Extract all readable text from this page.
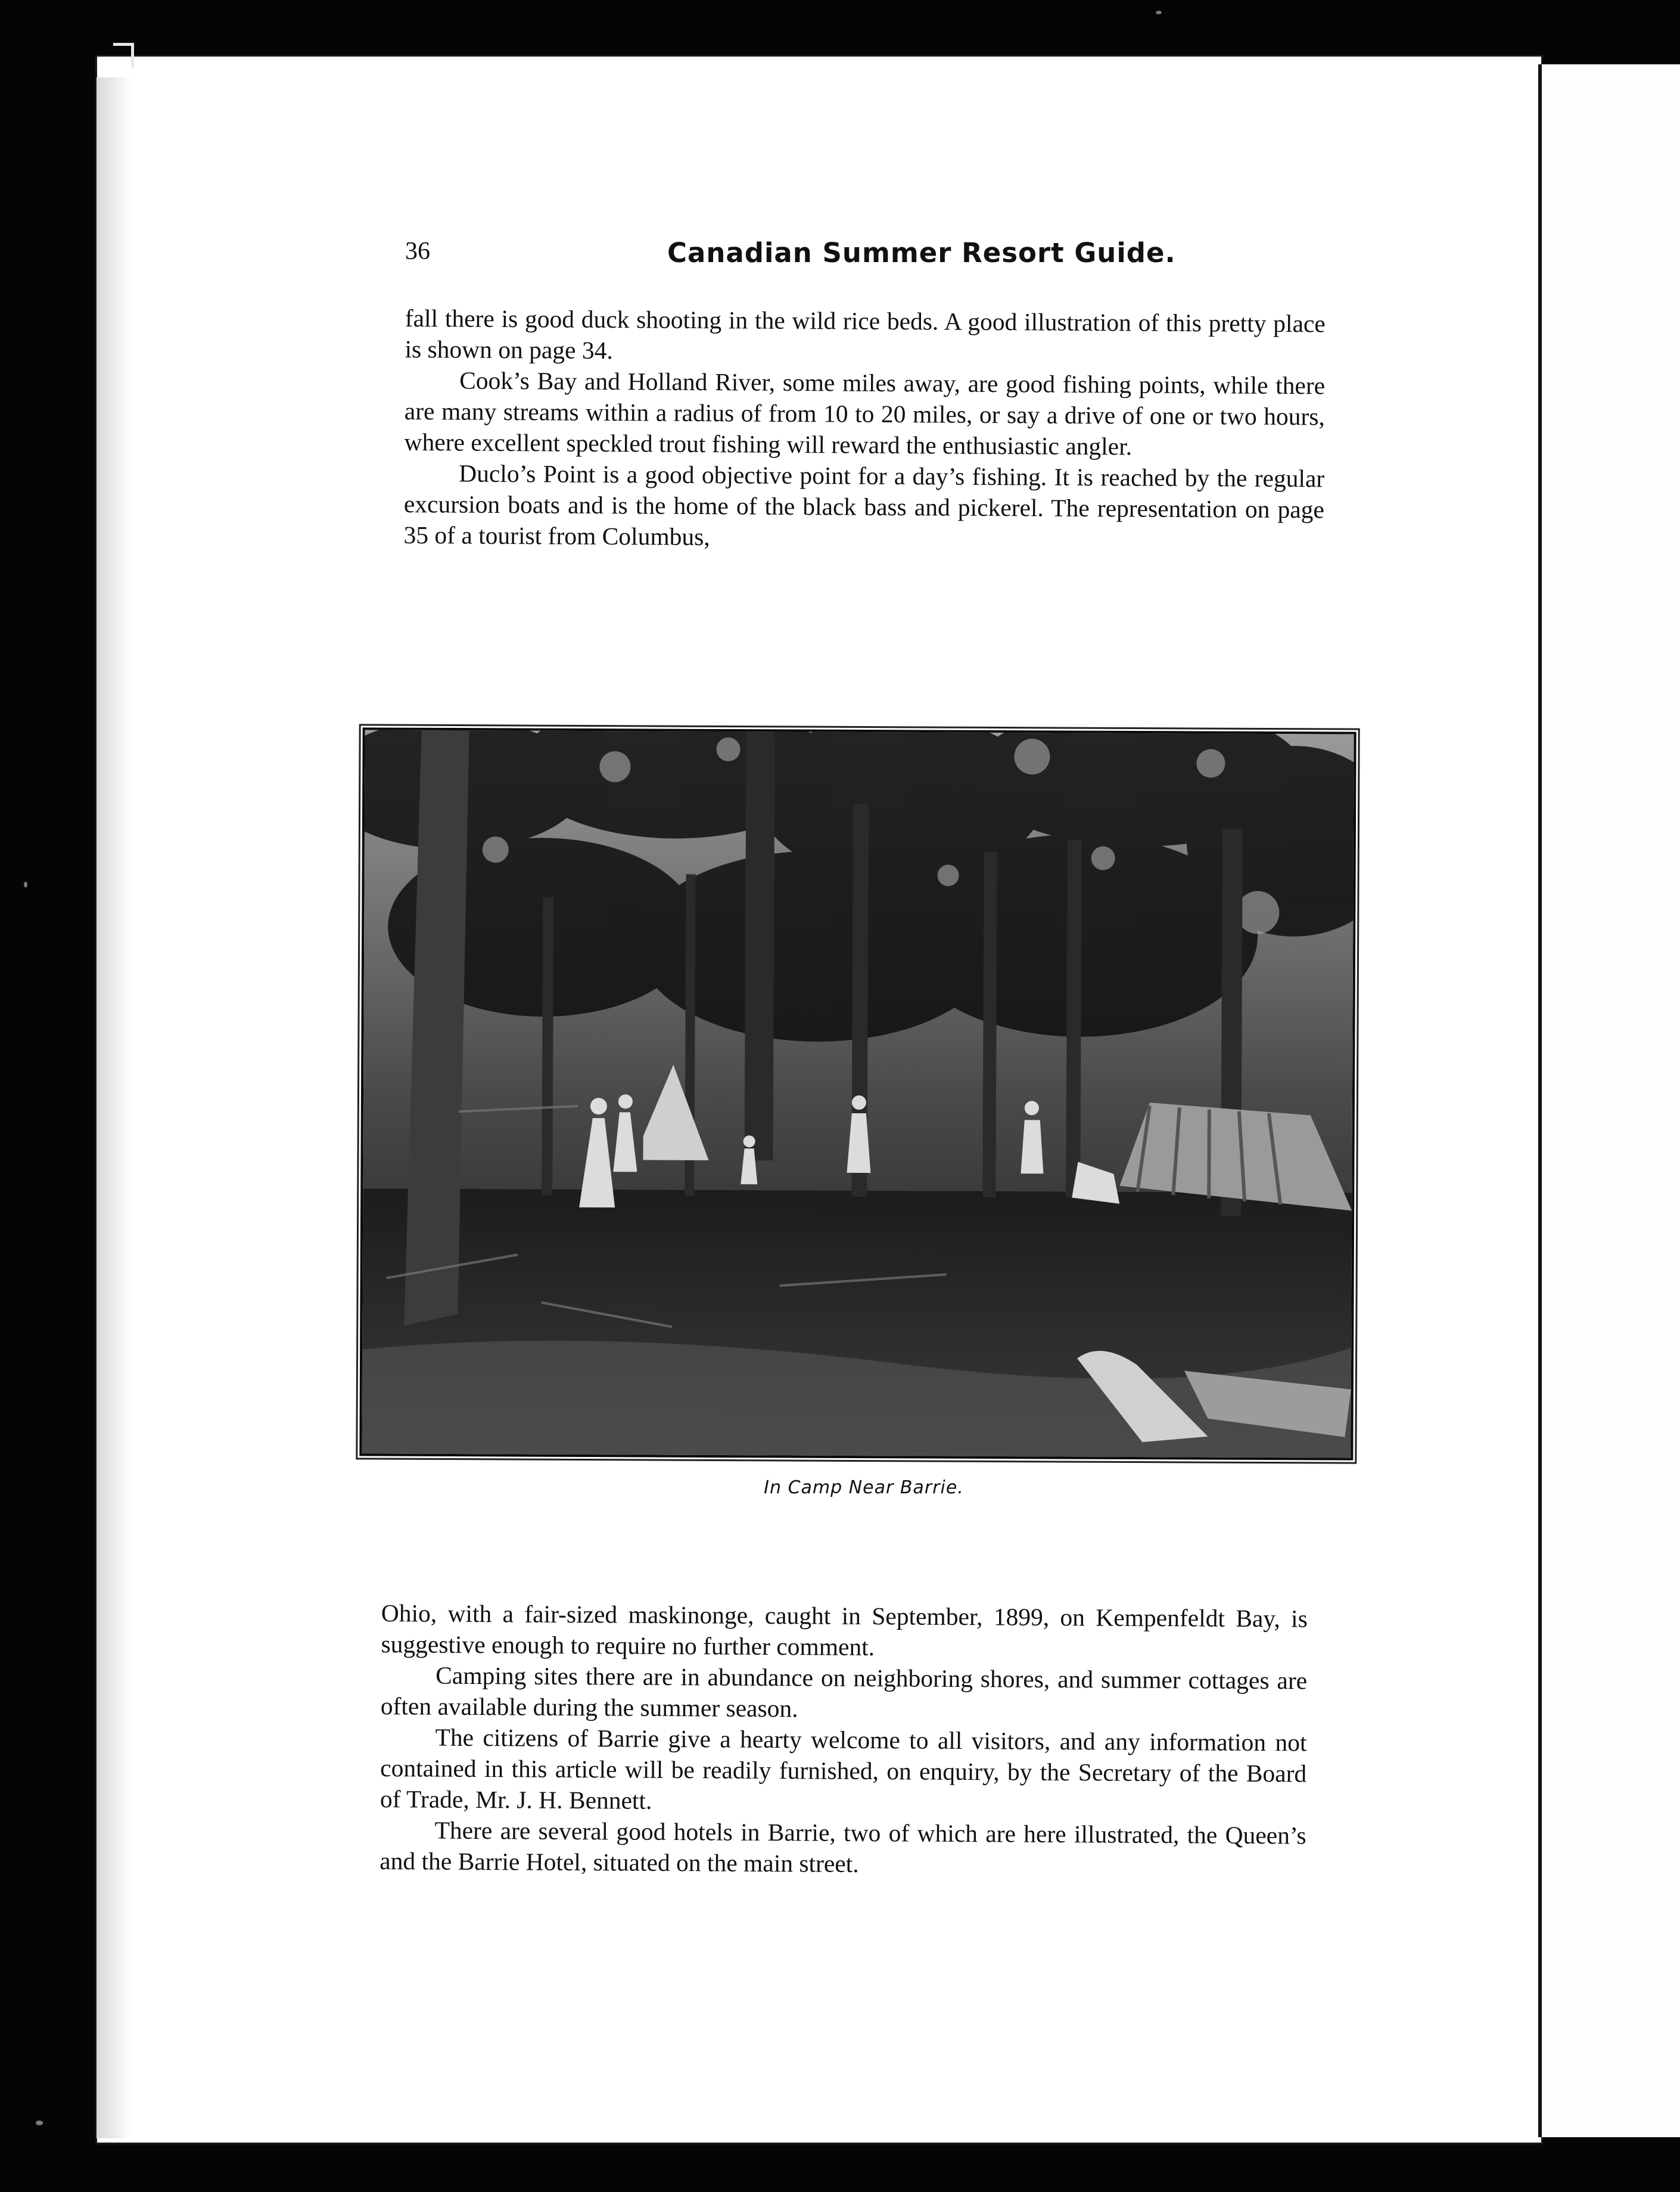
36	Canadian Summer Resort Guide.

fall there is good duck shooting in the wild rice beds. A good illustration of this pretty place is shown on page 34.

Cook’s Bay and Holland River, some miles away, are good fishing points, while there are many streams within a radius of from 10 to 20 miles, or say a drive of one or two hours, where excellent speckled trout fishing will reward the enthusiastic angler.

Duclo’s Point is a good objective point for a day’s fishing. It is reached by the regular excursion boats and is the home of the black bass and pickerel. The representation on page 35 of a tourist from Columbus,

In Camp Near Barrie.

Ohio, with a fair-sized maskinonge, caught in September, 1899, on Kempenfeldt Bay, is suggestive enough to require no further comment.

Camping sites there are in abundance on neighboring shores, and summer cottages are often available during the summer season.

The citizens of Barrie give a hearty welcome to all visitors, and any information not contained in this article will be readily furnished, on enquiry, by the Secretary of the Board of Trade, Mr. J. H. Bennett.

There are several good hotels in Barrie, two of which are here illustrated, the Queen’s and the Barrie Hotel, situated on the main street.
